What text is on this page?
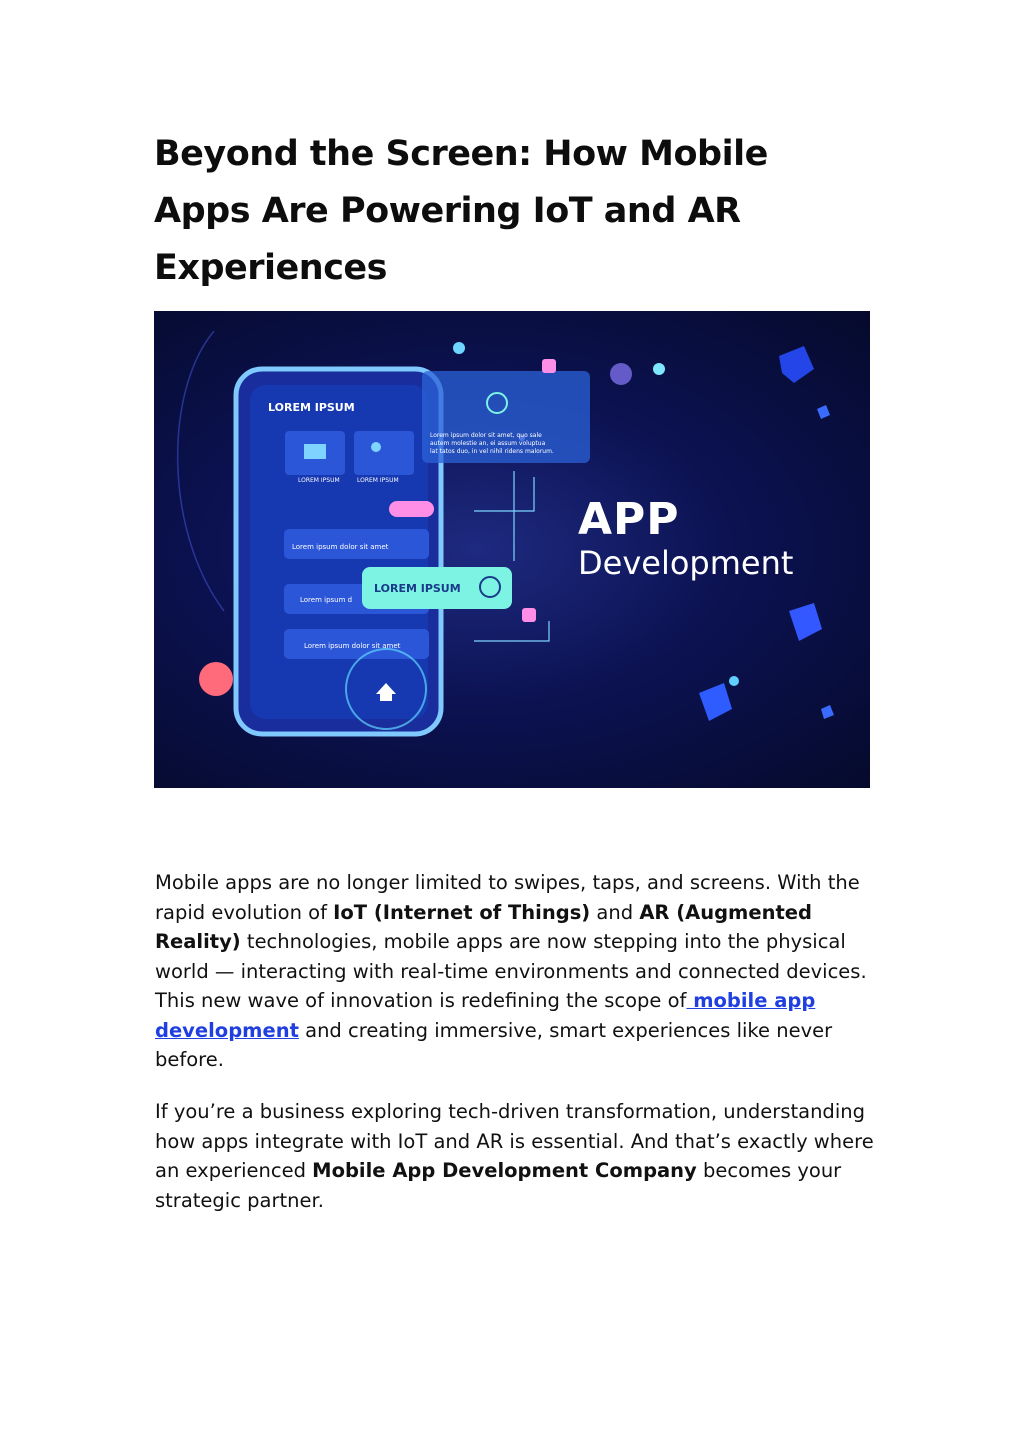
Beyond the Screen: How Mobile Apps Are Powering IoT and AR Experiences
LOREM IPSUM
LOREM IPSUM	LOREM IPSUM
Lorem ipsum dolor sit amet
Lorem ipsum d
Lorem ipsum dolor sit amet
LOREM IPSUM
Lorem ipsum dolor sit amet, quo sale
autem molestie an, ei assum voluptua
lat tatos duo, in vel nihil ridens malorum.

APP

Development

Mobile apps are no longer limited to swipes, taps, and screens. With the rapid evolution of IoT (Internet of Things) and AR (Augmented Reality) technologies, mobile apps are now stepping into the physical world — interacting with real-time environments and connected devices. This new wave of innovation is redefining the scope of mobile app development and creating immersive, smart experiences like never before.

If you’re a business exploring tech-driven transformation, understanding how apps integrate with IoT and AR is essential. And that’s exactly where an experienced Mobile App Development Company becomes your strategic partner.
